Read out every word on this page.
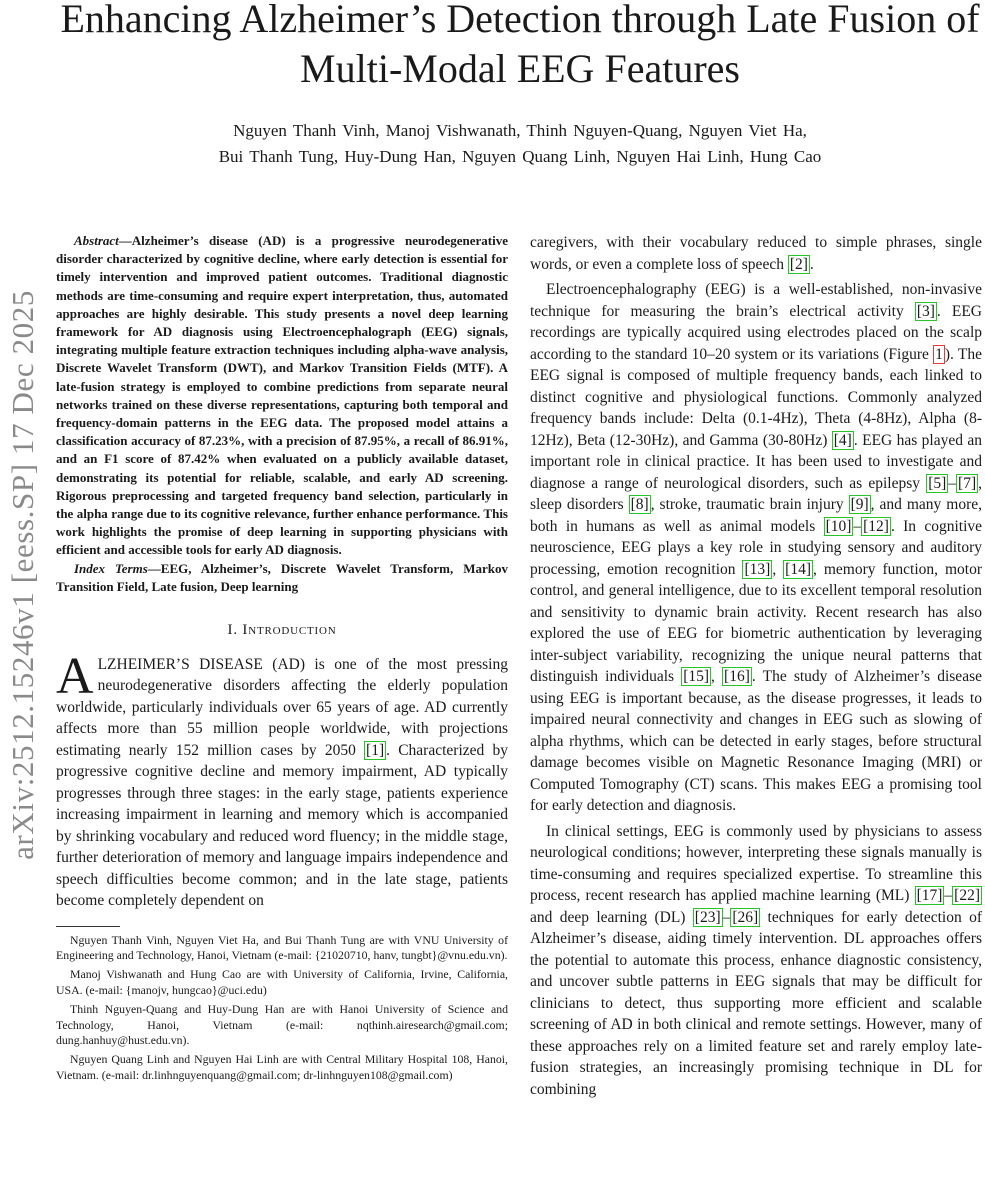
arXiv:2512.15246v1 [eess.SP] 17 Dec 2025
Enhancing Alzheimer’s Detection through Late Fusion of Multi-Modal EEG Features
Nguyen Thanh Vinh, Manoj Vishwanath, Thinh Nguyen-Quang, Nguyen Viet Ha,
Bui Thanh Tung, Huy-Dung Han, Nguyen Quang Linh, Nguyen Hai Linh, Hung Cao

Abstract—Alzheimer’s disease (AD) is a progressive neurodegenerative disorder characterized by cognitive decline, where early detection is essential for timely intervention and improved patient outcomes. Traditional diagnostic methods are time-consuming and require expert interpretation, thus, automated approaches are highly desirable. This study presents a novel deep learning framework for AD diagnosis using Electroencephalograph (EEG) signals, integrating multiple feature extraction techniques including alpha-wave analysis, Discrete Wavelet Transform (DWT), and Markov Transition Fields (MTF). A late-fusion strategy is employed to combine predictions from separate neural networks trained on these diverse representations, capturing both temporal and frequency-domain patterns in the EEG data. The proposed model attains a classification accuracy of 87.23%, with a precision of 87.95%, a recall of 86.91%, and an F1 score of 87.42% when evaluated on a publicly available dataset, demonstrating its potential for reliable, scalable, and early AD screening. Rigorous preprocessing and targeted frequency band selection, particularly in the alpha range due to its cognitive relevance, further enhance performance. This work highlights the promise of deep learning in supporting physicians with efficient and accessible tools for early AD diagnosis.

Index Terms—EEG, Alzheimer’s, Discrete Wavelet Transform, Markov Transition Field, Late fusion, Deep learning

I. Introduction

ALZHEIMER’S DISEASE (AD) is one of the most pressing neurodegenerative disorders affecting the elderly population worldwide, particularly individuals over 65 years of age. AD currently affects more than 55 million people worldwide, with projections estimating nearly 152 million cases by 2050 [1] . Characterized by progressive cognitive decline and memory impairment, AD typically progresses through three stages: in the early stage, patients experience increasing impairment in learning and memory which is accompanied by shrinking vocabulary and reduced word fluency; in the middle stage, further deterioration of memory and language impairs independence and speech difficulties become common; and in the late stage, patients become completely dependent on

Nguyen Thanh Vinh, Nguyen Viet Ha, and Bui Thanh Tung are with VNU University of Engineering and Technology, Hanoi, Vietnam (e-mail: {21020710, hanv, tungbt}@vnu.edu.vn).

Manoj Vishwanath and Hung Cao are with University of California, Irvine, California, USA. (e-mail: {manojv, hungcao}@uci.edu)

Thinh Nguyen-Quang and Huy-Dung Han are with Hanoi University of Science and Technology, Hanoi, Vietnam (e-mail: nqthinh.airesearch@gmail.com; dung.hanhuy@hust.edu.vn).

Nguyen Quang Linh and Nguyen Hai Linh are with Central Military Hospital 108, Hanoi, Vietnam. (e-mail: dr.linhnguyenquang@gmail.com; dr-linhnguyen108@gmail.com)

caregivers, with their vocabulary reduced to simple phrases, single words, or even a complete loss of speech [2] .

Electroencephalography (EEG) is a well-established, non-invasive technique for measuring the brain’s electrical activity [3] . EEG recordings are typically acquired using electrodes placed on the scalp according to the standard 10–20 system or its variations (Figure 1 ). The EEG signal is composed of multiple frequency bands, each linked to distinct cognitive and physiological functions. Commonly analyzed frequency bands include: Delta (0.1-4Hz), Theta (4-8Hz), Alpha (8-12Hz), Beta (12-30Hz), and Gamma (30-80Hz) [4] . EEG has played an important role in clinical practice. It has been used to investigate and diagnose a range of neurological disorders, such as epilepsy [5] – [7] , sleep disorders [8] , stroke, traumatic brain injury [9] , and many more, both in humans as well as animal models [10] – [12] . In cognitive neuroscience, EEG plays a key role in studying sensory and auditory processing, emotion recognition [13] , [14] , memory function, motor control, and general intelligence, due to its excellent temporal resolution and sensitivity to dynamic brain activity. Recent research has also explored the use of EEG for biometric authentication by leveraging inter-subject variability, recognizing the unique neural patterns that distinguish individuals [15] , [16] . The study of Alzheimer’s disease using EEG is important because, as the disease progresses, it leads to impaired neural connectivity and changes in EEG such as slowing of alpha rhythms, which can be detected in early stages, before structural damage becomes visible on Magnetic Resonance Imaging (MRI) or Computed Tomography (CT) scans. This makes EEG a promising tool for early detection and diagnosis.

In clinical settings, EEG is commonly used by physicians to assess neurological conditions; however, interpreting these signals manually is time-consuming and requires specialized expertise. To streamline this process, recent research has applied machine learning (ML) [17] – [22] and deep learning (DL) [23] – [26] techniques for early detection of Alzheimer’s disease, aiding timely intervention. DL approaches offers the potential to automate this process, enhance diagnostic consistency, and uncover subtle patterns in EEG signals that may be difficult for clinicians to detect, thus supporting more efficient and scalable screening of AD in both clinical and remote settings. However, many of these approaches rely on a limited feature set and rarely employ late-fusion strategies, an increasingly promising technique in DL for combining
